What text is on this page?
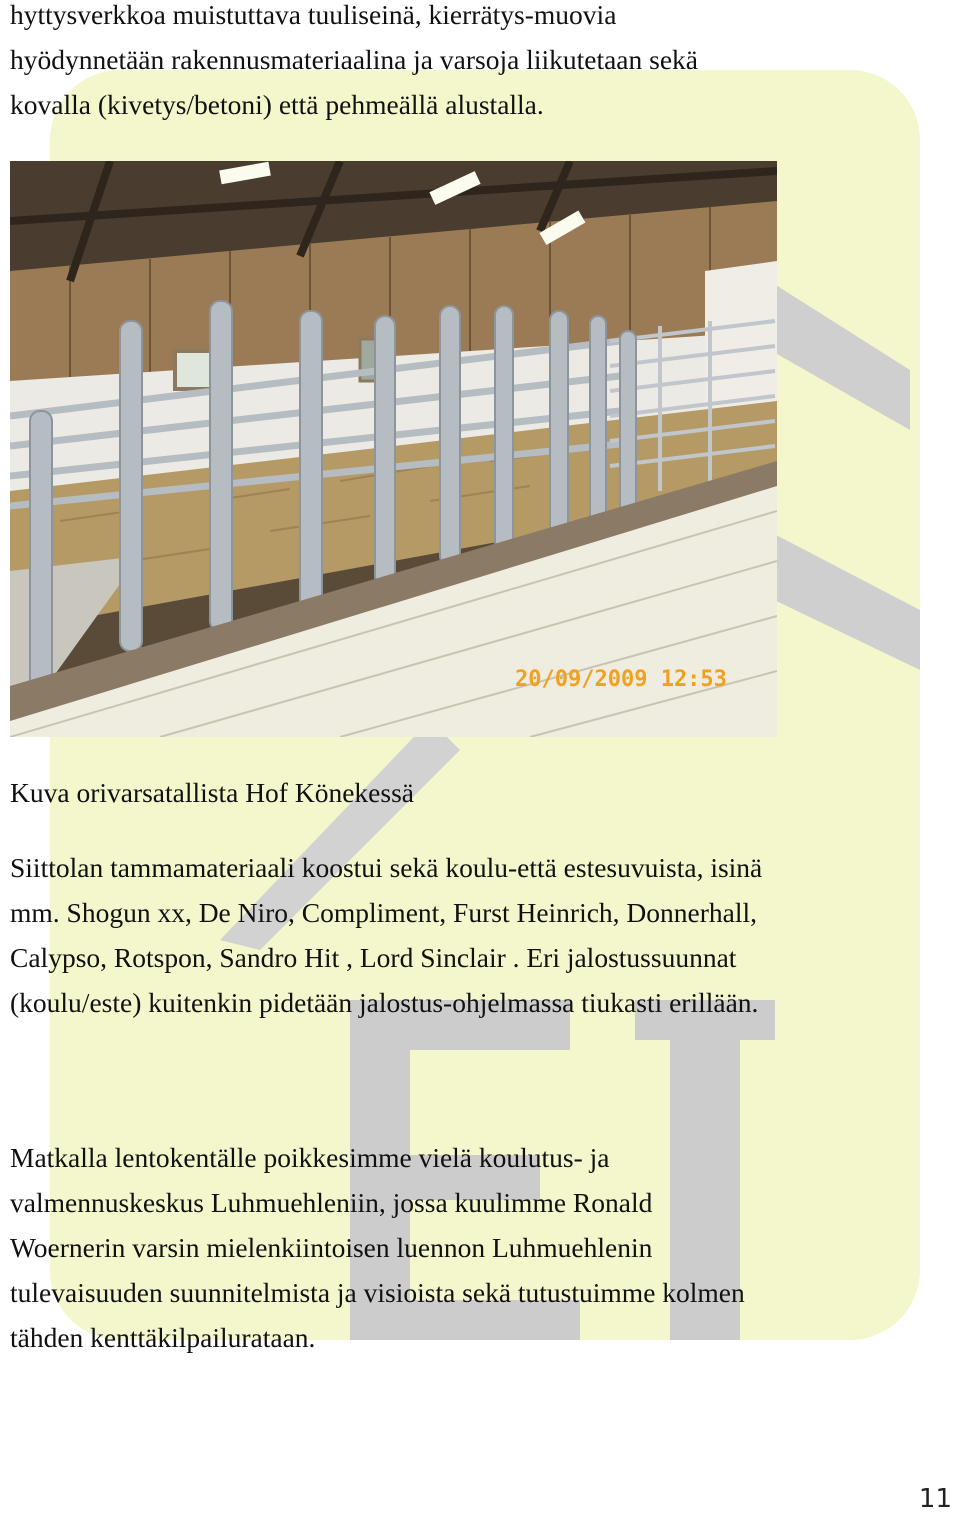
hyttysverkkoa muistuttava tuuliseinä, kierrätys-muovia
hyödynnetään rakennusmateriaalina ja varsoja liikutetaan sekä
kovalla (kivetys/betoni) että pehmeällä alustalla.

20/09/2009 12:53

Kuva orivarsatallista Hof Könekessä

Siittolan tammamateriaali koostui sekä koulu-että estesuvuista, isinä
mm. Shogun xx, De Niro, Compliment, Furst Heinrich, Donnerhall,
Calypso, Rotspon, Sandro Hit , Lord Sinclair . Eri jalostussuunnat
(koulu/este) kuitenkin pidetään jalostus-ohjelmassa tiukasti erillään.

Matkalla lentokentälle poikkesimme vielä koulutus- ja
valmennuskeskus Luhmuehleniin, jossa kuulimme Ronald
Woernerin varsin mielenkiintoisen luennon Luhmuehlenin
tulevaisuuden suunnitelmista ja visioista sekä tutustuimme kolmen
tähden kenttäkilpailurataan.

11
